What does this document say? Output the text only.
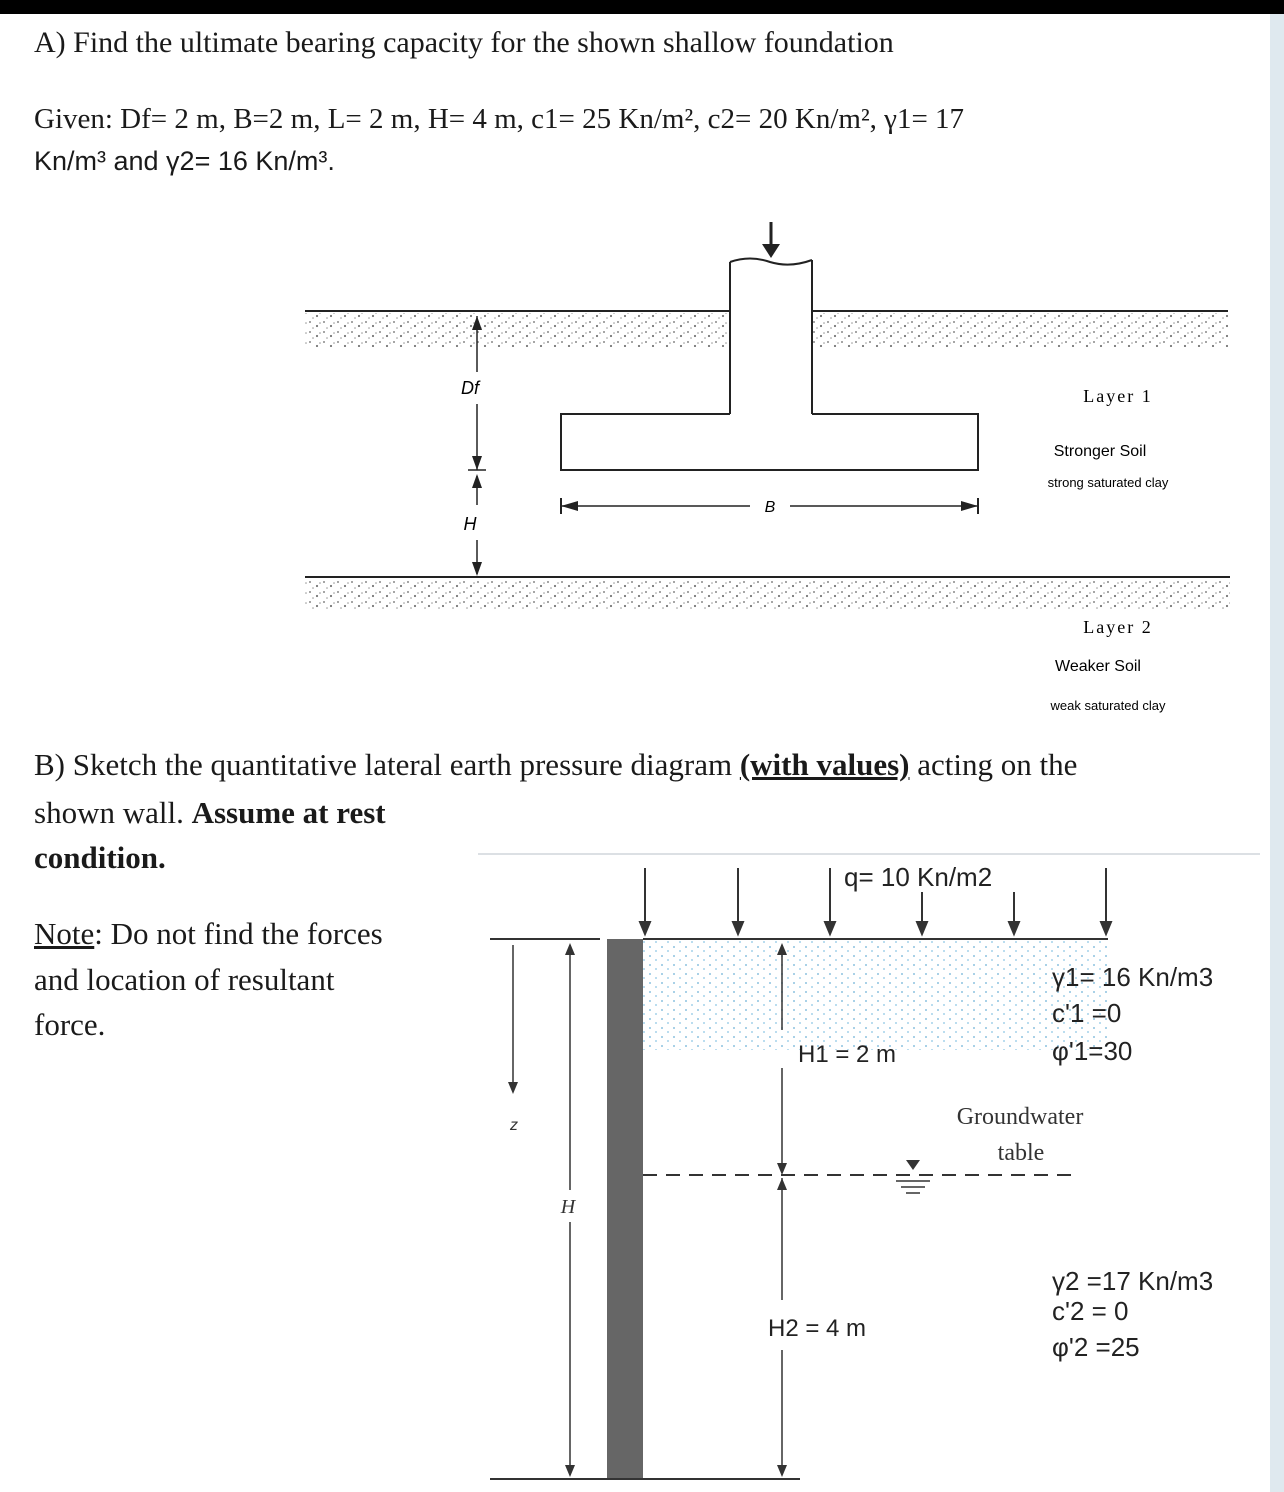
A) Find the ultimate bearing capacity for the shown shallow foundation
Given: Df= 2 m, B=2 m, L= 2 m, H= 4 m, c1= 25 Kn/m², c2= 20 Kn/m², γ1= 17
Kn/m³ and γ2= 16 Kn/m³.
B
Df
H
Layer 1
Stronger Soil
strong saturated clay
Layer 2
Weaker Soil
weak saturated clay
B) Sketch the quantitative lateral earth pressure diagram (with values) acting on the
shown wall. Assume at rest
condition.
Note: Do not find the forces
and location of resultant
force.
q= 10 Kn/m2
z
H
H1 = 2 m
Groundwater
table
H2 = 4 m
γ1= 16 Kn/m3
c'1 =0
φ'1=30
γ2 =17 Kn/m3
c'2 = 0
φ'2 =25
